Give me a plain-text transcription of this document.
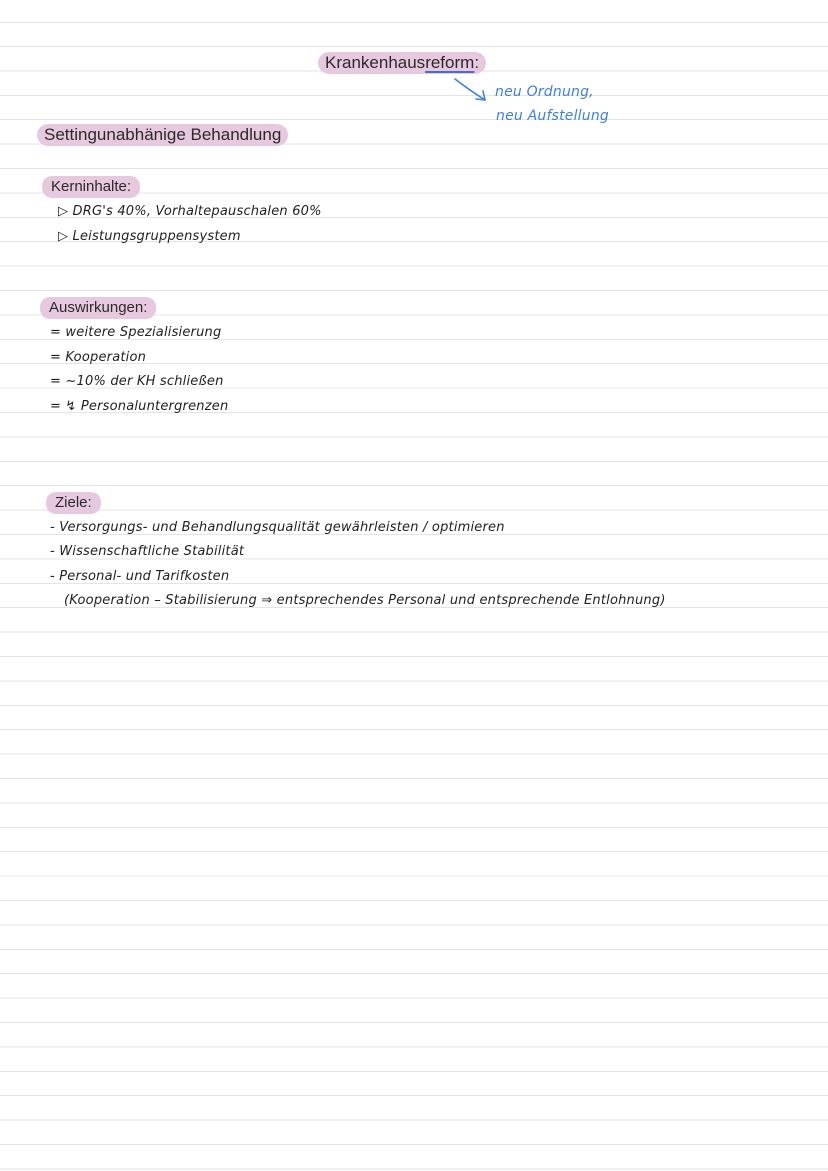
Krankenhausreform:
neu Ordnung,
neu Aufstellung
Settingunabhänige Behandlung
Kerninhalte:
▷ DRG's 40%, Vorhaltepauschalen 60%
▷ Leistungsgruppensystem
Auswirkungen:
= weitere Spezialisierung
= Kooperation
= ~10% der KH schließen
= ↯ Personaluntergrenzen
Ziele:
- Versorgungs- und Behandlungsqualität gewährleisten / optimieren
- Wissenschaftliche Stabilität
- Personal- und Tarifkosten
(Kooperation – Stabilisierung ⇒ entsprechendes Personal und entsprechende Entlohnung)
